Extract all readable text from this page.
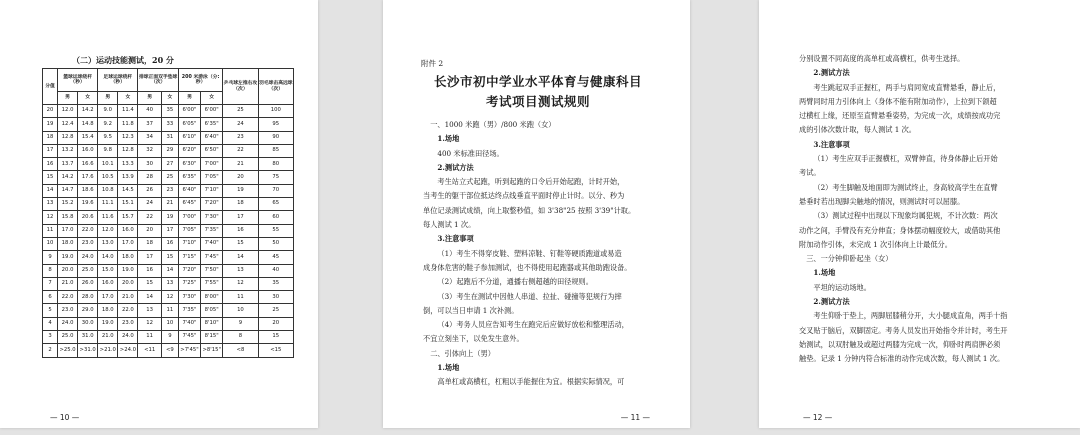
（二）运动技能测试，20 分
分值	篮球运球绕杆（秒）		足球运球绕杆（秒）		排球正面双手垫球（次）		200 米游泳（分:秒）		乒乓球左推右攻（次）	羽毛球击高远球（次）
	男	女	男	女	男	女	男	女		
20	12.0	14.2	9.0	11.4	40	35	6'00"	6'00"	25	100
19	12.4	14.8	9.2	11.8	37	33	6'05"	6'35"	24	95
18	12.8	15.4	9.5	12.3	34	31	6'10"	6'40"	23	90
17	13.2	16.0	9.8	12.8	32	29	6'20"	6'50"	22	85
16	13.7	16.6	10.1	13.3	30	27	6'30"	7'00"	21	80
15	14.2	17.6	10.5	13.9	28	25	6'35"	7'05"	20	75
14	14.7	18.6	10.8	14.5	26	23	6'40"	7'10"	19	70
13	15.2	19.6	11.1	15.1	24	21	6'45"	7'20"	18	65
12	15.8	20.6	11.6	15.7	22	19	7'00"	7'30"	17	60
11	17.0	22.0	12.0	16.0	20	17	7'05"	7'35"	16	55
10	18.0	23.0	13.0	17.0	18	16	7'10"	7'40"	15	50
9	19.0	24.0	14.0	18.0	17	15	7'15"	7'45"	14	45
8	20.0	25.0	15.0	19.0	16	14	7'20"	7'50"	13	40
7	21.0	26.0	16.0	20.0	15	13	7'25"	7'55"	12	35
6	22.0	28.0	17.0	21.0	14	12	7'30"	8'00"	11	30
5	23.0	29.0	18.0	22.0	13	11	7'35"	8'05"	10	25
4	24.0	30.0	19.0	23.0	12	10	7'40"	8'10"	9	20
3	25.0	31.0	21.0	24.0	11	9	7'45"	8'15"	8	15
2	>25.0	>31.0	>21.0	>24.0	<11	<9	>7'45"	>8'15"	<8	<15
— 10 —
附件 2
长沙市初中学业水平体育与健康科目
考试项目测试规则

一、1000 米跑（男）/800 米跑（女）

1.场地

400 米标准田径场。

2.测试方法

考生站立式起跑，听到起跑的口令后开始起跑，计时开始，

当考生的躯干部位抵达终点线垂直平面时停止计时。以分、秒为

单位记录测试成绩，向上取整秒值，如 3'38"25 按照 3'39"计取。

每人测试 1 次。

3.注意事项

（1）考生不得穿皮鞋、塑料凉鞋、钉鞋等硬质跑道或易造

成身体危害的鞋子参加测试，也不得使用起跑器或其他助跑设备。

（2）起跑后不分道，通播右侧超越的田径规则。

（3）考生在测试中因他人串道、拉扯、碰撞等犯规行为摔

倒，可以当日申请 1 次补测。

（4）考务人员应告知考生在跑完后应做好放松和整理活动，

不宜立刻坐下，以免发生意外。

二、引体向上（男）

1.场地

高单杠或高横杠，杠粗以手能握住为宜。根据实际情况，可

— 11 —

分别设置不同高度的高单杠或高横杠，供考生选择。

2.测试方法

考生跳起双手正握杠，两手与肩同宽成直臂悬垂，静止后，

两臂同时用力引体向上（身体不能有附加动作），上拉到下颌超

过横杠上缘，还原至直臂悬垂姿势，为完成一次，成绩按成功完

成的引体次数计取，每人测试 1 次。

3.注意事项

（1）考生应双手正握横杠，双臂伸直，待身体静止后开始

考试。

（2）考生脚触及地面即为测试终止，身高较高学生在直臂

悬垂时若出现脚尖触地的情况，则测试时可以屈膝。

（3）测试过程中出现以下现象均属犯规，不计次数：两次

动作之间，手臂没有充分伸直；身体摆动幅度较大，或借助其他

附加动作引体，未完成 1 次引体向上计最低分。

三、一分钟仰卧起坐（女）

1.场地

平坦的运动场地。

2.测试方法

考生仰卧于垫上，两脚屈膝稍分开，大小腿成直角，两手十指

交叉贴于脑后，双脚固定。考务人员发出开始指令并计时，考生开

始测试，以双肘触及或超过两膝为完成一次，仰卧时两肩胛必须

触垫。记录 1 分钟内符合标准的动作完成次数，每人测试 1 次。

— 12 —
